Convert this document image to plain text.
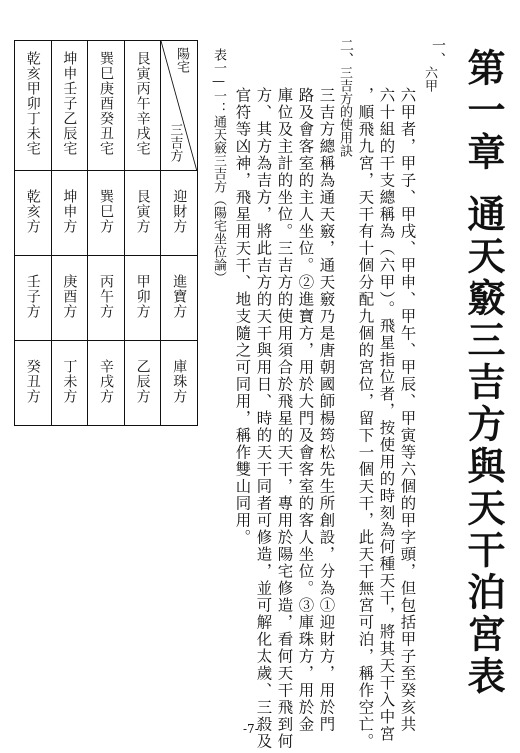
第一章通天竅三吉方與天干泊宮表
一、
六甲
六甲者，甲子、甲戌、甲申、甲午、甲辰、甲寅等六個的甲字頭，但包括甲子至癸亥共
六十組的干支總稱為（六甲）。飛星指位者，按使用的時刻為何種天干，將其天干入中宮
，順飛九宮，天干有十個分配九個的宮位，留下一個天干，此天干無宮可泊，稱作空亡。
二、
三吉方的使用訣
三吉方總稱為通天竅，通天竅乃是唐朝國師楊筠松先生所創設，分為①迎財方，用於門
路及會客室的主人坐位。②進寶方，用於大門及會客室的客人坐位。③庫珠方，用於金
庫位及主計的坐位。三吉方的使用須合於飛星的天干，專用於陽宅修造，看何天干飛到何
方、其方為吉方，將此吉方的天干與用日、時的天干同者可修造，並可解化太歲、三殺及
官符等凶神，飛星用天干、地支隨之可同用，稱作雙山同用。
表一—一：通天竅三吉方（陽宅坐位論）
乾亥甲卯丁未宅	坤申壬子乙辰宅	巽巳庚酉癸丑宅	艮寅丙午辛戌宅	陽宅
三吉方

乾亥方	坤申方	巽巳方	艮寅方	迎財方
壬子方	庚酉方	丙午方	甲卯方	進寶方
癸丑方	丁未方	辛戌方	乙辰方	庫珠方
-7-
